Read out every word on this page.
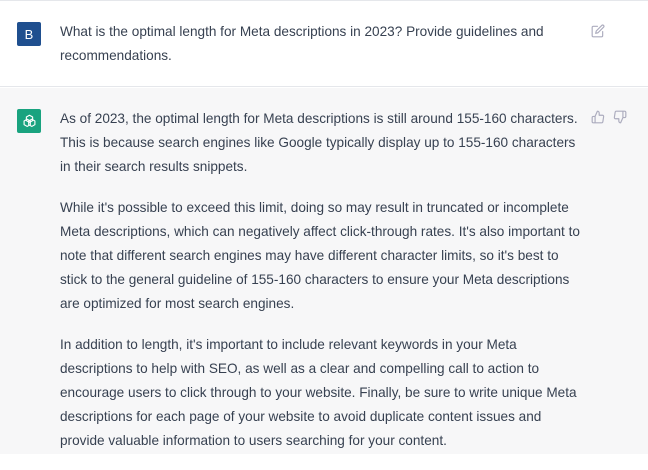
B What is the optimal length for Meta descriptions in 2023? Provide guidelines and recommendations.

As of 2023, the optimal length for Meta descriptions is still around 155-160 characters. This is because search engines like Google typically display up to 155-160 characters in their search results snippets.

While it's possible to exceed this limit, doing so may result in truncated or incomplete Meta descriptions, which can negatively affect click-through rates. It's also important to note that different search engines may have different character limits, so it's best to stick to the general guideline of 155-160 characters to ensure your Meta descriptions are optimized for most search engines.

In addition to length, it's important to include relevant keywords in your Meta descriptions to help with SEO, as well as a clear and compelling call to action to encourage users to click through to your website. Finally, be sure to write unique Meta descriptions for each page of your website to avoid duplicate content issues and provide valuable information to users searching for your content.
